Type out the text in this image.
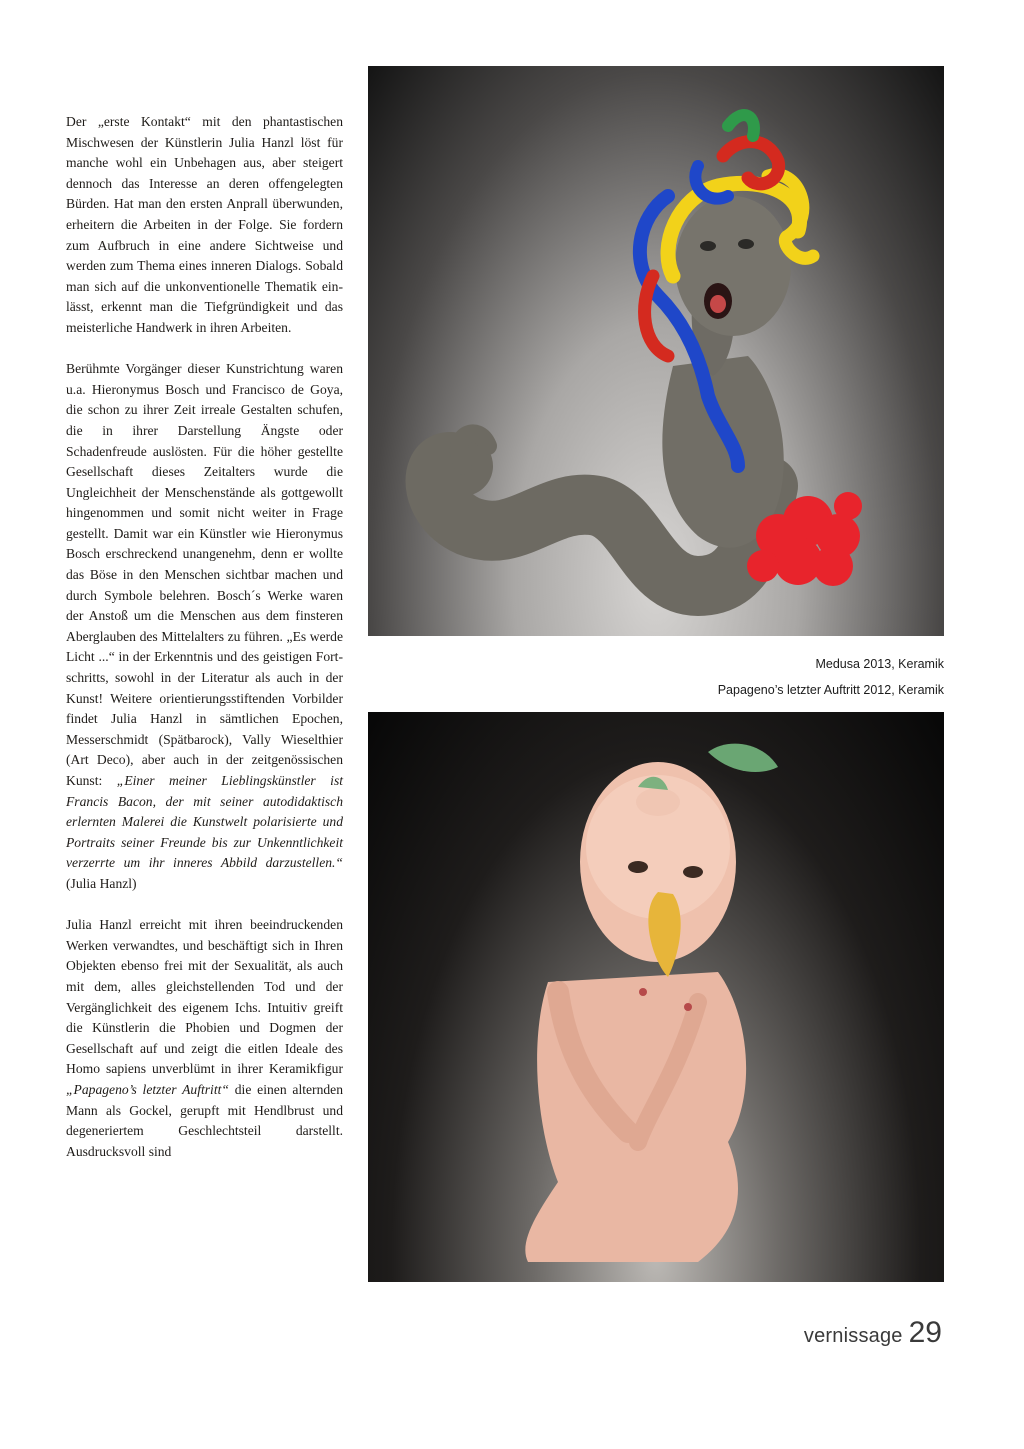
Der „erste Kontakt“ mit den phantastischen Mischwesen der Künstlerin Julia Hanzl löst für manche wohl ein Unbehagen aus, aber steigert dennoch das Interesse an deren offengelegten Bürden. Hat man den ersten Anprall überwunden, erheitern die Arbeiten in der Folge. Sie fordern zum Aufbruch in eine andere Sichtweise und werden zum Thema eines inneren Dialogs. Sobald man sich auf die unkonventionelle Thematik einlässt, erkennt man die Tiefgründigkeit und das meisterliche Handwerk in ihren Arbeiten.

Berühmte Vorgänger dieser Kunstrichtung waren u.a. Hieronymus Bosch und Francisco de Goya, die schon zu ihrer Zeit irreale Gestalten schufen, die in ihrer Darstellung Ängste oder Schadenfreude auslösten. Für die höher gestellte Gesellschaft dieses Zeitalters wurde die Ungleichheit der Menschenstände als gottgewollt hingenommen und somit nicht weiter in Frage gestellt. Damit war ein Künstler wie Hieronymus Bosch erschreckend unangenehm, denn er wollte das Böse in den Menschen sichtbar machen und durch Symbole belehren. Bosch´s Werke waren der Anstoß um die Menschen aus dem finsteren Aberglauben des Mittelalters zu führen. „Es werde Licht ...“ in der Erkenntnis und des geistigen Fortschritts, sowohl in der Literatur als auch in der Kunst! Weitere orientierungsstiftenden Vorbilder findet Julia Hanzl in sämtlichen Epochen, Messerschmidt (Spätbarock), Vally Wieselthier (Art Deco), aber auch in der zeitgenössischen Kunst: „Einer meiner Lieblingskünstler ist Francis Bacon, der mit seiner autodidaktisch erlernten Malerei die Kunstwelt polarisierte und Portraits seiner Freunde bis zur Unkenntlichkeit verzerrte um ihr inneres Abbild darzustellen.“ (Julia Hanzl)

Julia Hanzl erreicht mit ihren beeindruckenden Werken verwandtes, und beschäftigt sich in Ihren Objekten ebenso frei mit der Sexualität, als auch mit dem, alles gleichstellenden Tod und der Vergänglichkeit des eigenem Ichs. Intuitiv greift die Künstlerin die Phobien und Dogmen der Gesellschaft auf und zeigt die eitlen Ideale des Homo sapiens unverblümt in ihrer Keramikfigur „Papageno’s letzter Auftritt“ die einen alternden Mann als Gockel, gerupft mit Hendlbrust und degeneriertem Geschlechtsteil darstellt. Ausdrucksvoll sind

Medusa 2013, Keramik
Papageno’s letzter Auftritt 2012, Keramik
vernissage 29
